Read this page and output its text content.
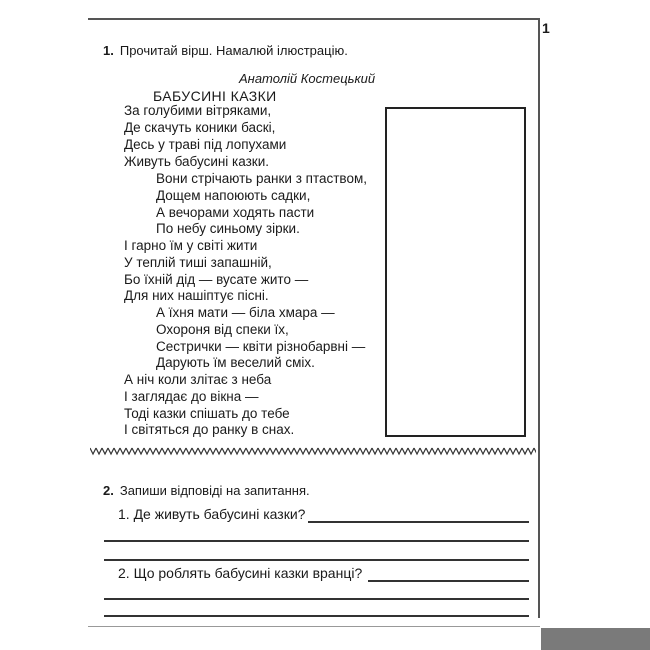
1
1. Прочитай вірш. Намалюй ілюстрацію.
Анатолій Костецький
БАБУСИНІ КАЗКИ
За голубими вітряками,
Де скачуть коники баскі,
Десь у траві під лопухами
Живуть бабусині казки.
Вони стрічають ранки з птаством,
Дощем напоюють садки,
А вечорами ходять пасти
По небу синьому зірки.
І гарно їм у світі жити
У теплій тиші запашній,
Бо їхній дід — вусате жито —
Для них нашіптує пісні.
А їхня мати — біла хмара —
Охороня від спеки їх,
Сестрички — квіти різнобарвні —
Дарують їм веселий сміх.
А ніч коли злітає з неба
І заглядає до вікна —
Тоді казки спішать до тебе
І світяться до ранку в снах.
2. Запиши відповіді на запитання.
1. Де живуть бабусині казки?
2. Що роблять бабусині казки вранці?
